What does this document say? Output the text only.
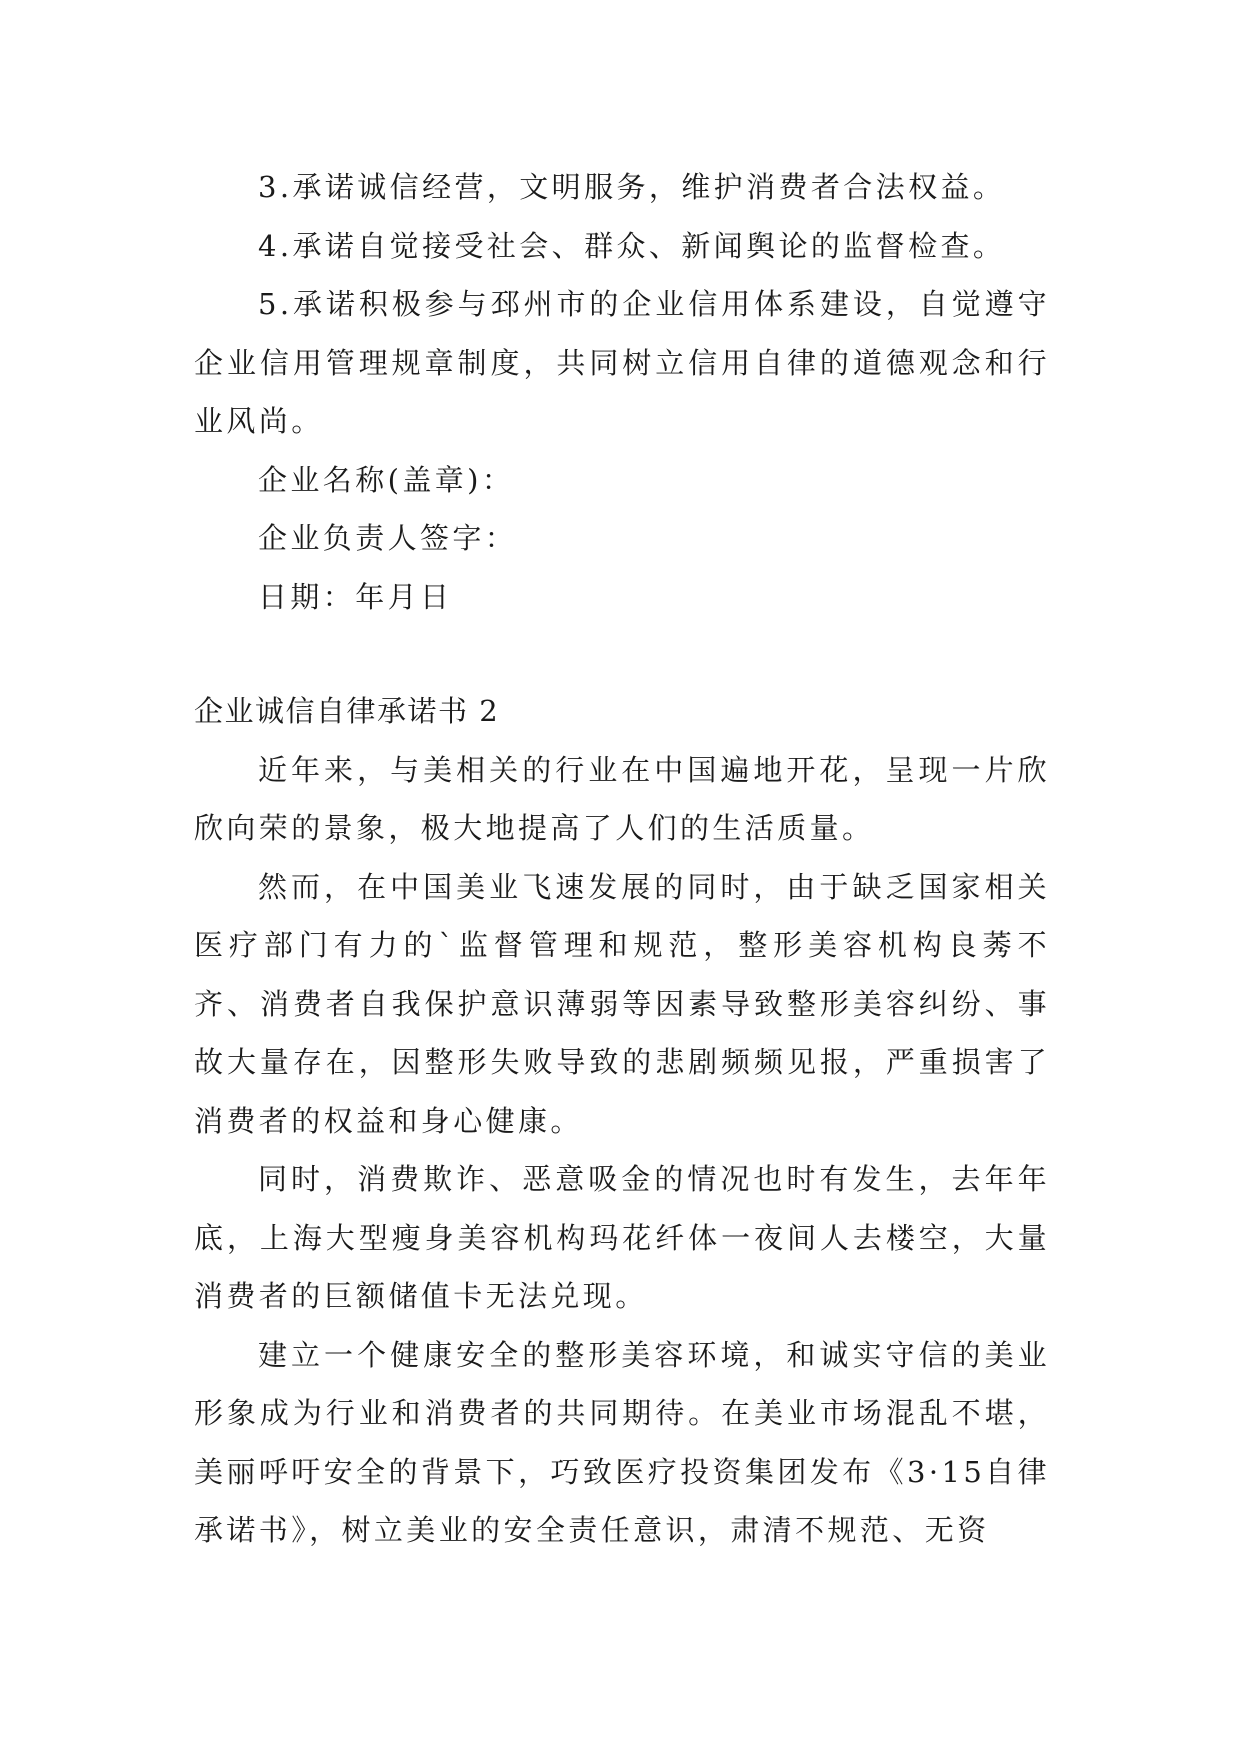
3.承诺诚信经营，文明服务，维护消费者合法权益。

4.承诺自觉接受社会、群众、新闻舆论的监督检查。

5.承诺积极参与邳州市的企业信用体系建设，自觉遵守企业信用管理规章制度，共同树立信用自律的道德观念和行业风尚。

企业名称(盖章)：

企业负责人签字：

日期：年月日

企业诚信自律承诺书 2

近年来，与美相关的行业在中国遍地开花，呈现一片欣欣向荣的景象，极大地提高了人们的生活质量。

然而，在中国美业飞速发展的同时，由于缺乏国家相关医疗部门有力的`监督管理和规范，整形美容机构良莠不齐、消费者自我保护意识薄弱等因素导致整形美容纠纷、事故大量存在，因整形失败导致的悲剧频频见报，严重损害了消费者的权益和身心健康。

同时，消费欺诈、恶意吸金的情况也时有发生，去年年底，上海大型瘦身美容机构玛花纤体一夜间人去楼空，大量消费者的巨额储值卡无法兑现。

建立一个健康安全的整形美容环境，和诚实守信的美业形象成为行业和消费者的共同期待。在美业市场混乱不堪，美丽呼吁安全的背景下，巧致医疗投资集团发布《3·15自律承诺书》，树立美业的安全责任意识，肃清不规范、无资
